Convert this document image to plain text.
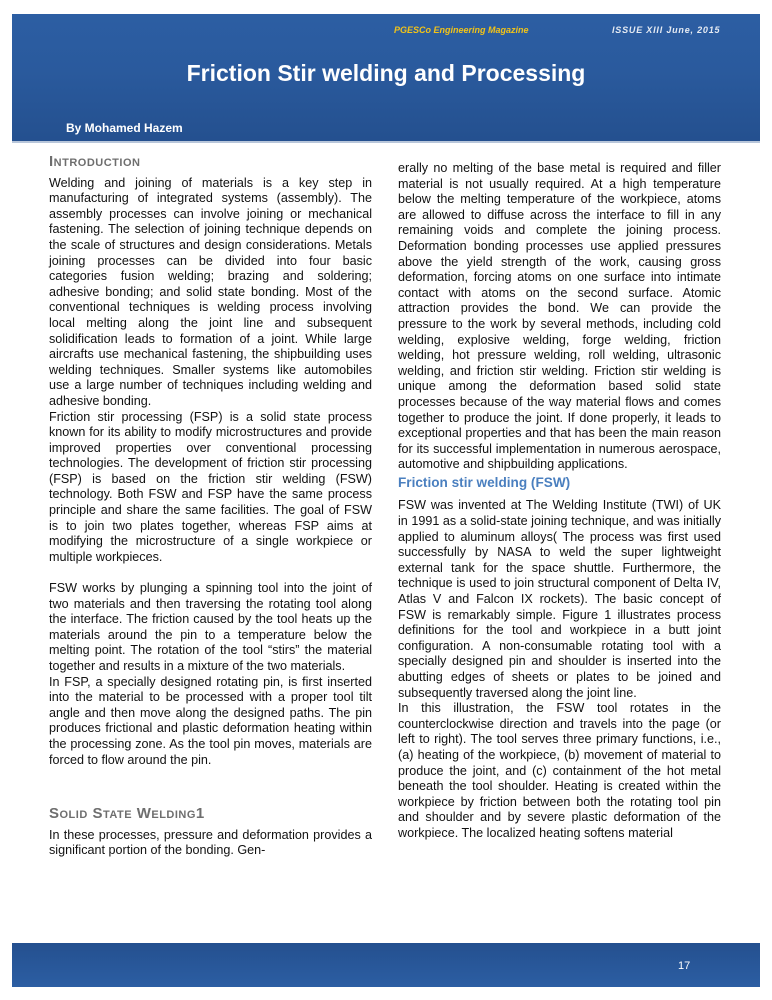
PGESCo Engineering Magazine	ISSUE XIII June, 2015
Friction Stir welding and Processing
By Mohamed Hazem
Introduction

Welding and joining of materials is a key step in manufacturing of integrated systems (assembly). The assembly processes can involve joining or mechanical fastening. The selection of joining technique depends on the scale of structures and design considerations. Metals joining processes can be divided into four basic categories fusion welding; brazing and soldering; adhesive bonding; and solid state bonding. Most of the conventional techniques is welding process involving local melting along the joint line and subsequent solidification leads to formation of a joint. While large aircrafts use mechanical fastening, the shipbuilding uses welding techniques. Smaller systems like automobiles use a large number of techniques including welding and adhesive bonding.

Friction stir processing (FSP) is a solid state process known for its ability to modify microstructures and provide improved properties over conventional processing technologies. The development of friction stir processing (FSP) is based on the friction stir welding (FSW) technology. Both FSW and FSP have the same process principle and share the same facilities. The goal of FSW is to join two plates together, whereas FSP aims at modifying the microstructure of a single workpiece or multiple workpieces.

FSW works by plunging a spinning tool into the joint of two materials and then traversing the rotating tool along the interface. The friction caused by the tool heats up the materials around the pin to a temperature below the melting point. The rotation of the tool “stirs” the material together and results in a mixture of the two materials.

In FSP, a specially designed rotating pin, is first inserted into the material to be processed with a proper tool tilt angle and then move along the designed paths. The pin produces frictional and plastic deformation heating within the processing zone. As the tool pin moves, materials are forced to flow around the pin.

Solid State Welding1

In these processes, pressure and deformation provides a significant portion of the bonding. Gen-

erally no melting of the base metal is required and filler material is not usually required. At a high temperature below the melting temperature of the workpiece, atoms are allowed to diffuse across the interface to fill in any remaining voids and complete the joining process. Deformation bonding processes use applied pressures above the yield strength of the work, causing gross deformation, forcing atoms on one surface into intimate contact with atoms on the second surface. Atomic attraction provides the bond. We can provide the pressure to the work by several methods, including cold welding, explosive welding, forge welding, friction welding, hot pressure welding, roll welding, ultrasonic welding, and friction stir welding. Friction stir welding is unique among the deformation based solid state processes because of the way material flows and comes together to produce the joint. If done properly, it leads to exceptional properties and that has been the main reason for its successful implementation in numerous aerospace, automotive and shipbuilding applications.

Friction stir welding (FSW)

FSW was invented at The Welding Institute (TWI) of UK in 1991 as a solid-state joining technique, and was initially applied to aluminum alloys( The process was first used successfully by NASA to weld the super lightweight external tank for the space shuttle. Furthermore, the technique is used to join structural component of Delta IV, Atlas V and Falcon IX rockets). The basic concept of FSW is remarkably simple. Figure 1 illustrates process definitions for the tool and workpiece in a butt joint configuration. A non-consumable rotating tool with a specially designed pin and shoulder is inserted into the abutting edges of sheets or plates to be joined and subsequently traversed along the joint line.

In this illustration, the FSW tool rotates in the counterclockwise direction and travels into the page (or left to right). The tool serves three primary functions, i.e., (a) heating of the workpiece, (b) movement of material to produce the joint, and (c) containment of the hot metal beneath the tool shoulder. Heating is created within the workpiece by friction between both the rotating tool pin and shoulder and by severe plastic deformation of the workpiece. The localized heating softens material

17
